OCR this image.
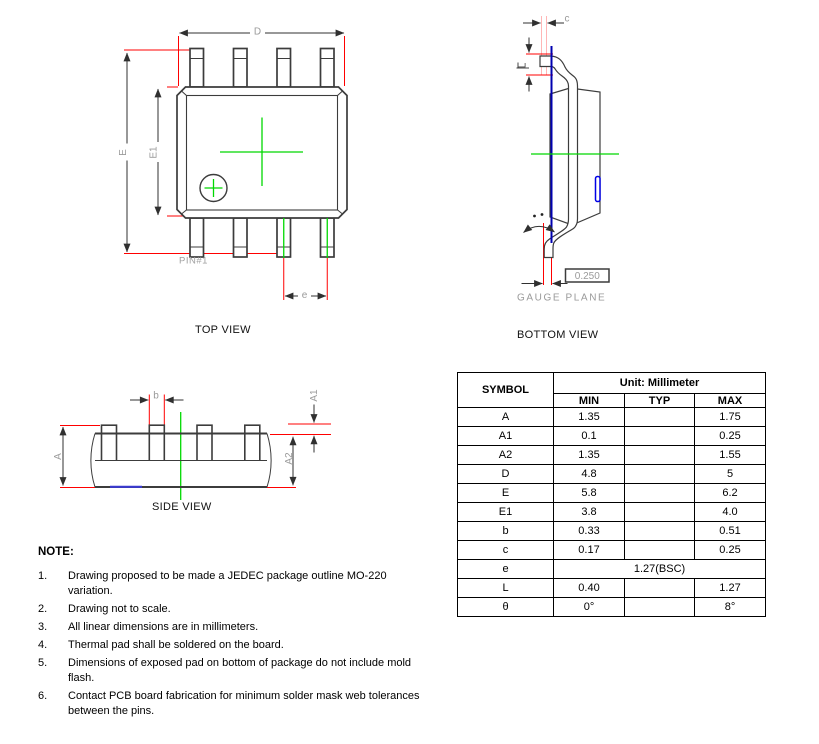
D
E E1
e
PIN#1
0.250
GAUGE PLANE
c
L
b
A
A1
A2
TOP VIEW	BOTTOM VIEW
SIDE VIEW
SYMBOL	Unit: Millimeter		
	MIN	TYP	MAX
A	1.35		1.75
A1	0.1		0.25
A2	1.35		1.55
D	4.8		5
E	5.8		6.2
E1	3.8		4.0
b	0.33		0.51
c	0.17		0.25
e	1.27(BSC)		
L	0.40		1.27
θ	0°		8°
NOTE:
1.	Drawing proposed to be made a JEDEC package outline MO-220 variation.
2.	Drawing not to scale.
3.	All linear dimensions are in millimeters.
4.	Thermal pad shall be soldered on the board.
5.	Dimensions of exposed pad on bottom of package do not include mold flash.
6.	Contact PCB board fabrication for minimum solder mask web tolerances between the pins.
